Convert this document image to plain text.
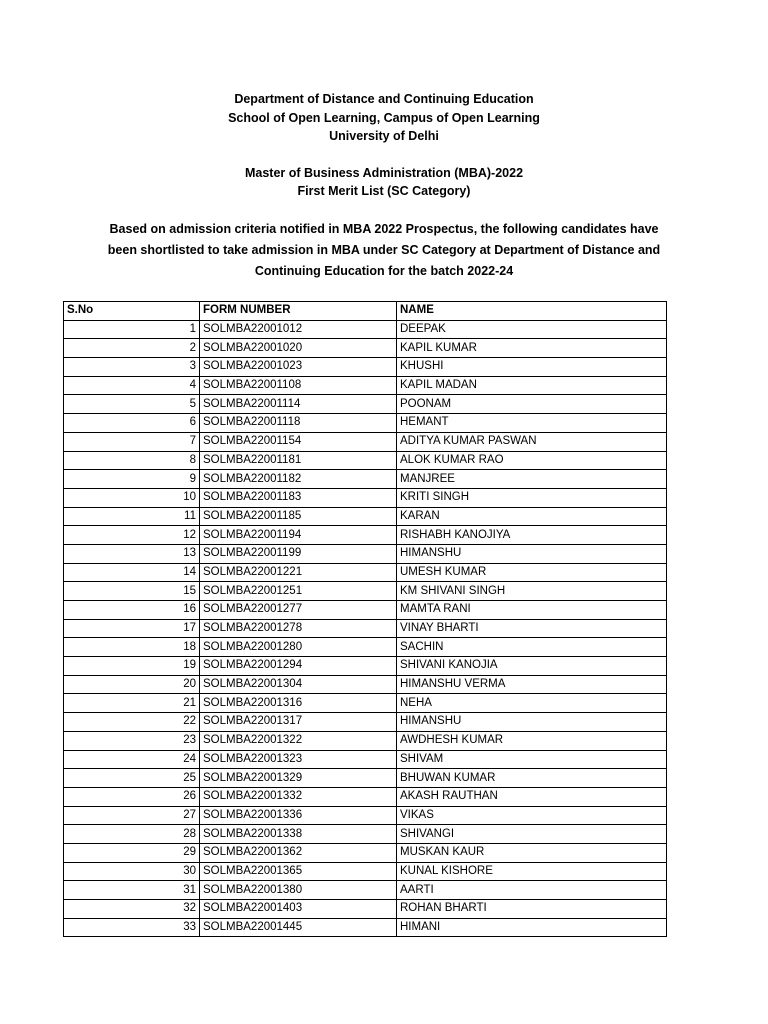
Department of Distance and Continuing Education
School of Open Learning, Campus of Open Learning
University of Delhi
Master of Business Administration (MBA)-2022
First Merit List (SC Category)
Based on admission criteria notified in MBA 2022 Prospectus, the following candidates have been shortlisted to take admission in MBA under SC Category at Department of Distance and Continuing Education for the batch 2022-24
S.No	FORM NUMBER	NAME
1	SOLMBA22001012	DEEPAK
2	SOLMBA22001020	KAPIL KUMAR
3	SOLMBA22001023	KHUSHI
4	SOLMBA22001108	KAPIL MADAN
5	SOLMBA22001114	POONAM
6	SOLMBA22001118	HEMANT
7	SOLMBA22001154	ADITYA KUMAR PASWAN
8	SOLMBA22001181	ALOK KUMAR RAO
9	SOLMBA22001182	MANJREE
10	SOLMBA22001183	KRITI SINGH
11	SOLMBA22001185	KARAN
12	SOLMBA22001194	RISHABH KANOJIYA
13	SOLMBA22001199	HIMANSHU
14	SOLMBA22001221	UMESH KUMAR
15	SOLMBA22001251	KM SHIVANI SINGH
16	SOLMBA22001277	MAMTA RANI
17	SOLMBA22001278	VINAY BHARTI
18	SOLMBA22001280	SACHIN
19	SOLMBA22001294	SHIVANI KANOJIA
20	SOLMBA22001304	HIMANSHU VERMA
21	SOLMBA22001316	NEHA
22	SOLMBA22001317	HIMANSHU
23	SOLMBA22001322	AWDHESH KUMAR
24	SOLMBA22001323	SHIVAM
25	SOLMBA22001329	BHUWAN KUMAR
26	SOLMBA22001332	AKASH RAUTHAN
27	SOLMBA22001336	VIKAS
28	SOLMBA22001338	SHIVANGI
29	SOLMBA22001362	MUSKAN KAUR
30	SOLMBA22001365	KUNAL KISHORE
31	SOLMBA22001380	AARTI
32	SOLMBA22001403	ROHAN BHARTI
33	SOLMBA22001445	HIMANI
